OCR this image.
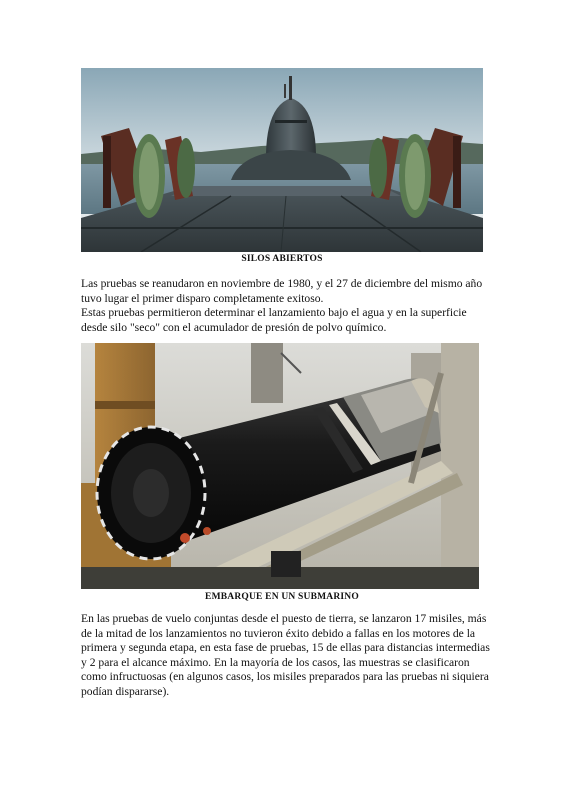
SILOS ABIERTOS

Las pruebas se reanudaron en noviembre de 1980, y el 27 de diciembre del mismo año tuvo lugar el primer disparo completamente exitoso.

Estas pruebas permitieron determinar el lanzamiento bajo el agua y en la superficie desde silo "seco" con el acumulador de presión de polvo químico.

EMBARQUE EN UN SUBMARINO

En las pruebas de vuelo conjuntas desde el puesto de tierra, se lanzaron 17 misiles, más de la mitad de los lanzamientos no tuvieron éxito debido a fallas en los motores de la primera y segunda etapa, en esta fase de pruebas, 15 de ellas para distancias intermedias y 2 para el alcance máximo. En la mayoría de los casos, las muestras se clasificaron como infructuosas (en algunos casos, los misiles preparados para las pruebas ni siquiera podían dispararse).
